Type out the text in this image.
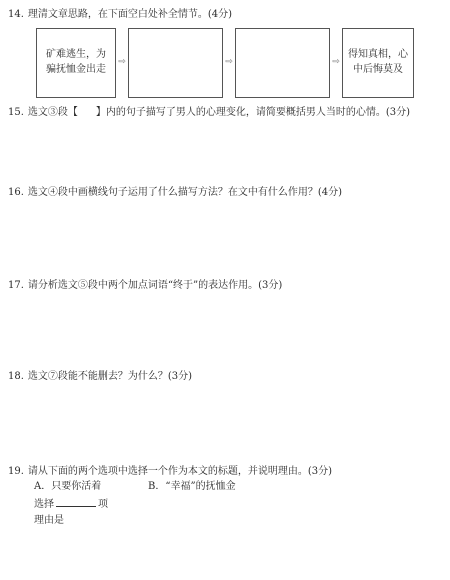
14. 理清文章思路，在下面空白处补全情节。(4分)
矿难逃生，为
骗抚恤金出走
⇨	⇨	⇨
得知真相，心
中后悔莫及
15. 选文③段【 】内的句子描写了男人的心理变化，请简要概括男人当时的心情。(3分)
16. 选文④段中画横线句子运用了什么描写方法？在文中有什么作用？(4分)
17. 请分析选文⑤段中两个加点词语“终于”的表达作用。(3分)
18. 选文⑦段能不能删去？为什么？(3分)
19. 请从下面的两个选项中选择一个作为本文的标题，并说明理由。(3分)
A．只要你活着	B．“幸福”的抚恤金
选择	项
理由是
